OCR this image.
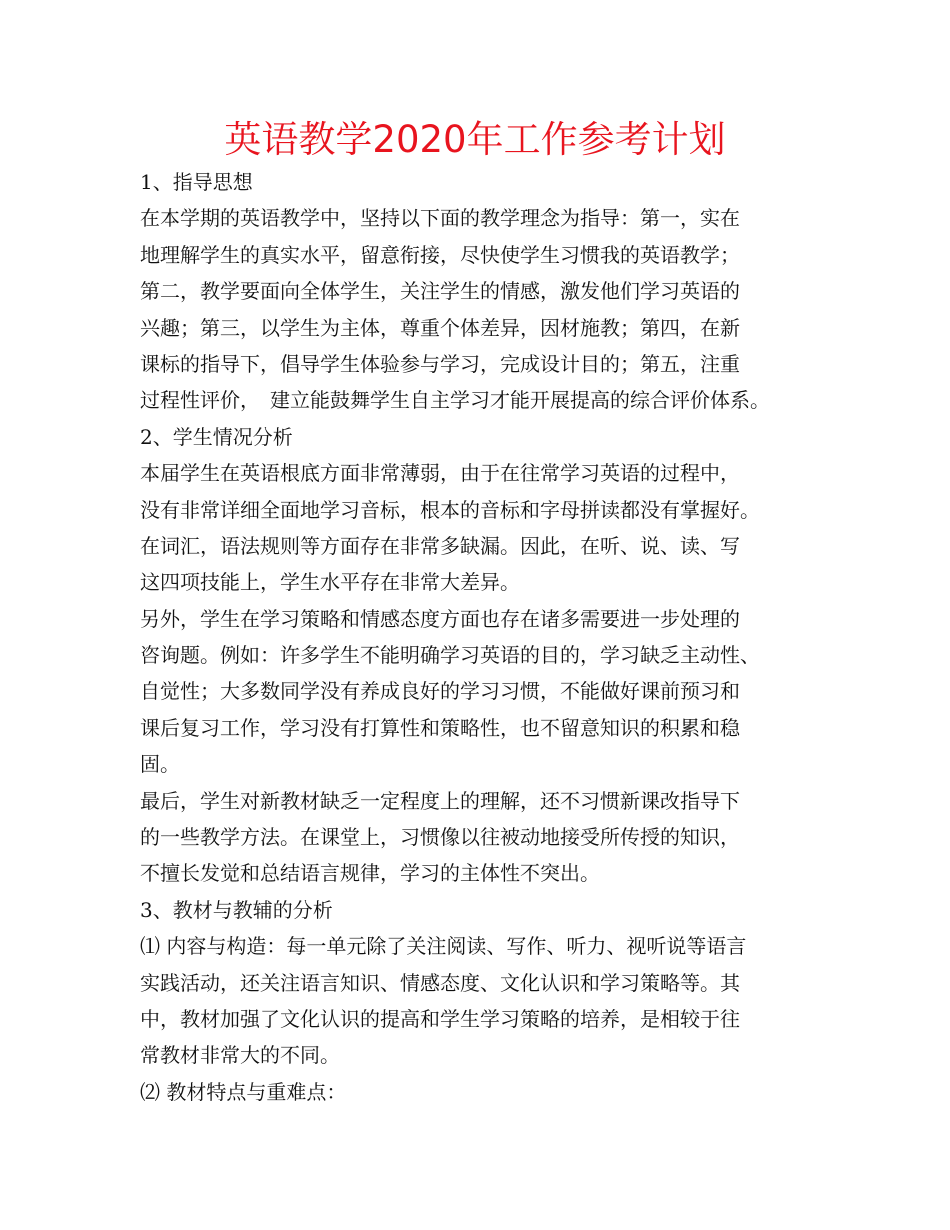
英语教学2020年工作参考计划
1、指导思想
在本学期的英语教学中，坚持以下面的教学理念为指导：第一，实在
地理解学生的真实水平，留意衔接，尽快使学生习惯我的英语教学；
第二，教学要面向全体学生，关注学生的情感，激发他们学习英语的
兴趣；第三，以学生为主体，尊重个体差异，因材施教；第四，在新
课标的指导下，倡导学生体验参与学习，完成设计目的；第五，注重
过程性评价，　建立能鼓舞学生自主学习才能开展提高的综合评价体系。
2、学生情况分析
本届学生在英语根底方面非常薄弱，由于在往常学习英语的过程中，
没有非常详细全面地学习音标，根本的音标和字母拼读都没有掌握好。
在词汇，语法规则等方面存在非常多缺漏。因此，在听、说、读、写
这四项技能上，学生水平存在非常大差异。
另外，学生在学习策略和情感态度方面也存在诸多需要进一步处理的
咨询题。例如：许多学生不能明确学习英语的目的，学习缺乏主动性、
自觉性；大多数同学没有养成良好的学习习惯，不能做好课前预习和
课后复习工作，学习没有打算性和策略性，也不留意知识的积累和稳
固。
最后，学生对新教材缺乏一定程度上的理解，还不习惯新课改指导下
的一些教学方法。在课堂上，习惯像以往被动地接受所传授的知识，
不擅长发觉和总结语言规律，学习的主体性不突出。
3、教材与教辅的分析
⑴ 内容与构造：每一单元除了关注阅读、写作、听力、视听说等语言
实践活动，还关注语言知识、情感态度、文化认识和学习策略等。其
中，教材加强了文化认识的提高和学生学习策略的培养，是相较于往
常教材非常大的不同。
⑵ 教材特点与重难点：
